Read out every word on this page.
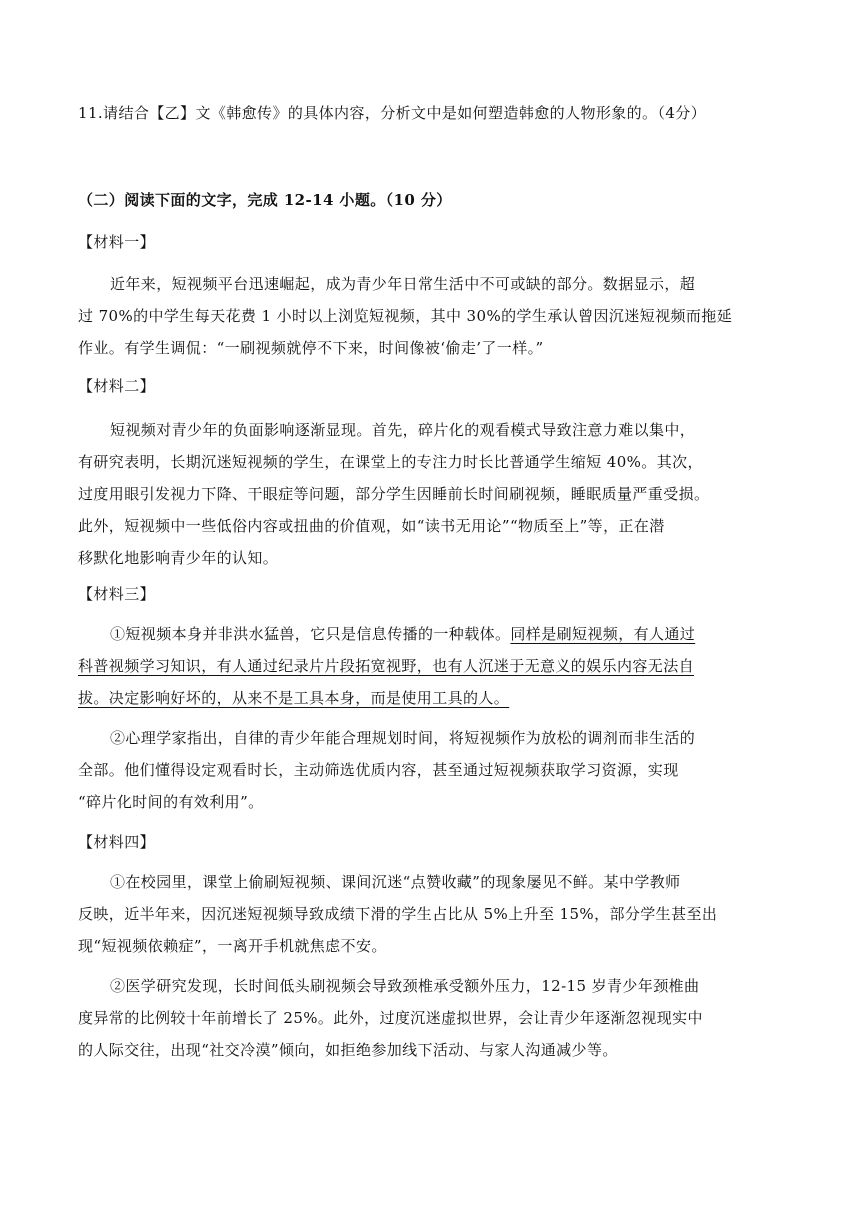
11.请结合【乙】文《韩愈传》的具体内容，分析文中是如何塑造韩愈的人物形象的。（4分）
（二）阅读下面的文字，完成 12-14 小题。（10 分）
【材料一】
近年来，短视频平台迅速崛起，成为青少年日常生活中不可或缺的部分。数据显示，超
过 70%的中学生每天花费 1 小时以上浏览短视频，其中 30%的学生承认曾因沉迷短视频而拖延
作业。有学生调侃：“一刷视频就停不下来，时间像被‘偷走’了一样。”
【材料二】
短视频对青少年的负面影响逐渐显现。首先，碎片化的观看模式导致注意力难以集中，
有研究表明，长期沉迷短视频的学生，在课堂上的专注力时长比普通学生缩短 40%。其次，
过度用眼引发视力下降、干眼症等问题，部分学生因睡前长时间刷视频，睡眠质量严重受损。
此外，短视频中一些低俗内容或扭曲的价值观，如“读书无用论”“物质至上”等，正在潜
移默化地影响青少年的认知。
【材料三】
①短视频本身并非洪水猛兽，它只是信息传播的一种载体。同样是刷短视频，有人通过
科普视频学习知识，有人通过纪录片片段拓宽视野，也有人沉迷于无意义的娱乐内容无法自
拔。决定影响好坏的，从来不是工具本身，而是使用工具的人。
②心理学家指出，自律的青少年能合理规划时间，将短视频作为放松的调剂而非生活的
全部。他们懂得设定观看时长，主动筛选优质内容，甚至通过短视频获取学习资源，实现
“碎片化时间的有效利用”。
【材料四】
①在校园里，课堂上偷刷短视频、课间沉迷“点赞收藏”的现象屡见不鲜。某中学教师
反映，近半年来，因沉迷短视频导致成绩下滑的学生占比从 5%上升至 15%，部分学生甚至出
现“短视频依赖症”，一离开手机就焦虑不安。
②医学研究发现，长时间低头刷视频会导致颈椎承受额外压力，12-15 岁青少年颈椎曲
度异常的比例较十年前增长了 25%。此外，过度沉迷虚拟世界，会让青少年逐渐忽视现实中
的人际交往，出现“社交冷漠”倾向，如拒绝参加线下活动、与家人沟通减少等。
